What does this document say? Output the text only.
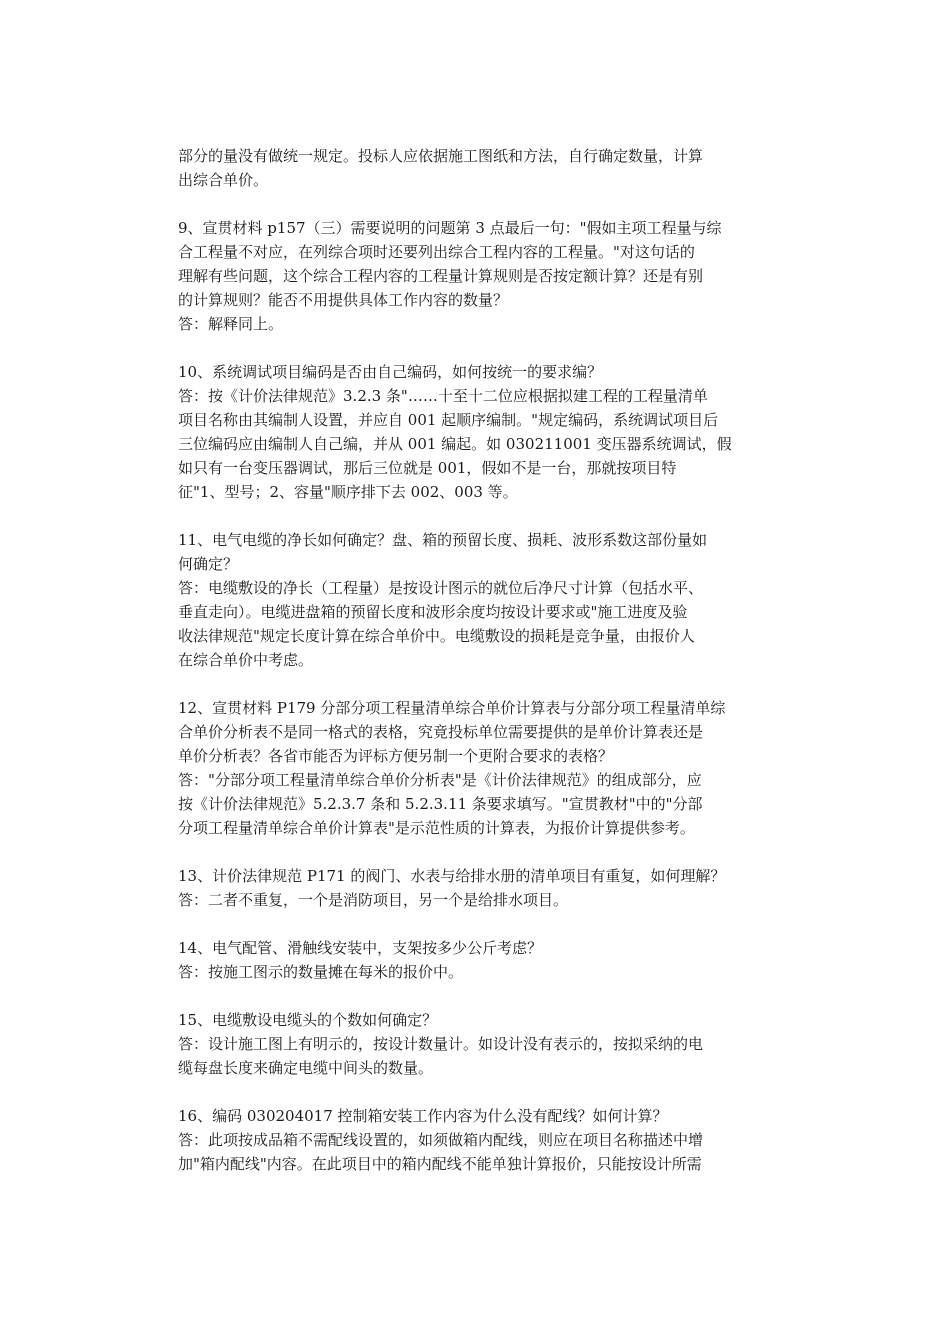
部分的量没有做统一规定。投标人应依据施工图纸和方法，自行确定数量，计算
出综合单价。
9、宣贯材料 p157（三）需要说明的问题第 3 点最后一句："假如主项工程量与综
合工程量不对应，在列综合项时还要列出综合工程内容的工程量。"对这句话的
理解有些问题，这个综合工程内容的工程量计算规则是否按定额计算？还是有别
的计算规则？能否不用提供具体工作内容的数量？
答：解释同上。
10、系统调试项目编码是否由自己编码，如何按统一的要求编？
答：按《计价法律规范》3.2.3 条"……十至十二位应根据拟建工程的工程量清单
项目名称由其编制人设置，并应自 001 起顺序编制。"规定编码，系统调试项目后
三位编码应由编制人自己编，并从 001 编起。如 030211001 变压器系统调试，假
如只有一台变压器调试，那后三位就是 001，假如不是一台，那就按项目特
征"1、型号；2、容量"顺序排下去 002、003 等。
11、电气电缆的净长如何确定？盘、箱的预留长度、损耗、波形系数这部份量如
何确定？
答：电缆敷设的净长（工程量）是按设计图示的就位后净尺寸计算（包括水平、
垂直走向）。电缆进盘箱的预留长度和波形余度均按设计要求或"施工进度及验
收法律规范"规定长度计算在综合单价中。电缆敷设的损耗是竞争量，由报价人
在综合单价中考虑。
12、宣贯材料 P179 分部分项工程量清单综合单价计算表与分部分项工程量清单综
合单价分析表不是同一格式的表格，究竟投标单位需要提供的是单价计算表还是
单价分析表？各省市能否为评标方便另制一个更附合要求的表格？
答："分部分项工程量清单综合单价分析表"是《计价法律规范》的组成部分，应
按《计价法律规范》5.2.3.7 条和 5.2.3.11 条要求填写。"宣贯教材"中的"分部
分项工程量清单综合单价计算表"是示范性质的计算表，为报价计算提供参考。
13、计价法律规范 P171 的阀门、水表与给排水册的清单项目有重复，如何理解？
答：二者不重复，一个是消防项目，另一个是给排水项目。
14、电气配管、滑触线安装中，支架按多少公斤考虑？
答：按施工图示的数量摊在每米的报价中。
15、电缆敷设电缆头的个数如何确定？
答：设计施工图上有明示的，按设计数量计。如设计没有表示的，按拟采纳的电
缆每盘长度来确定电缆中间头的数量。
16、编码 030204017 控制箱安装工作内容为什么没有配线？如何计算？
答：此项按成品箱不需配线设置的，如须做箱内配线，则应在项目名称描述中增
加"箱内配线"内容。在此项目中的箱内配线不能单独计算报价，只能按设计所需
